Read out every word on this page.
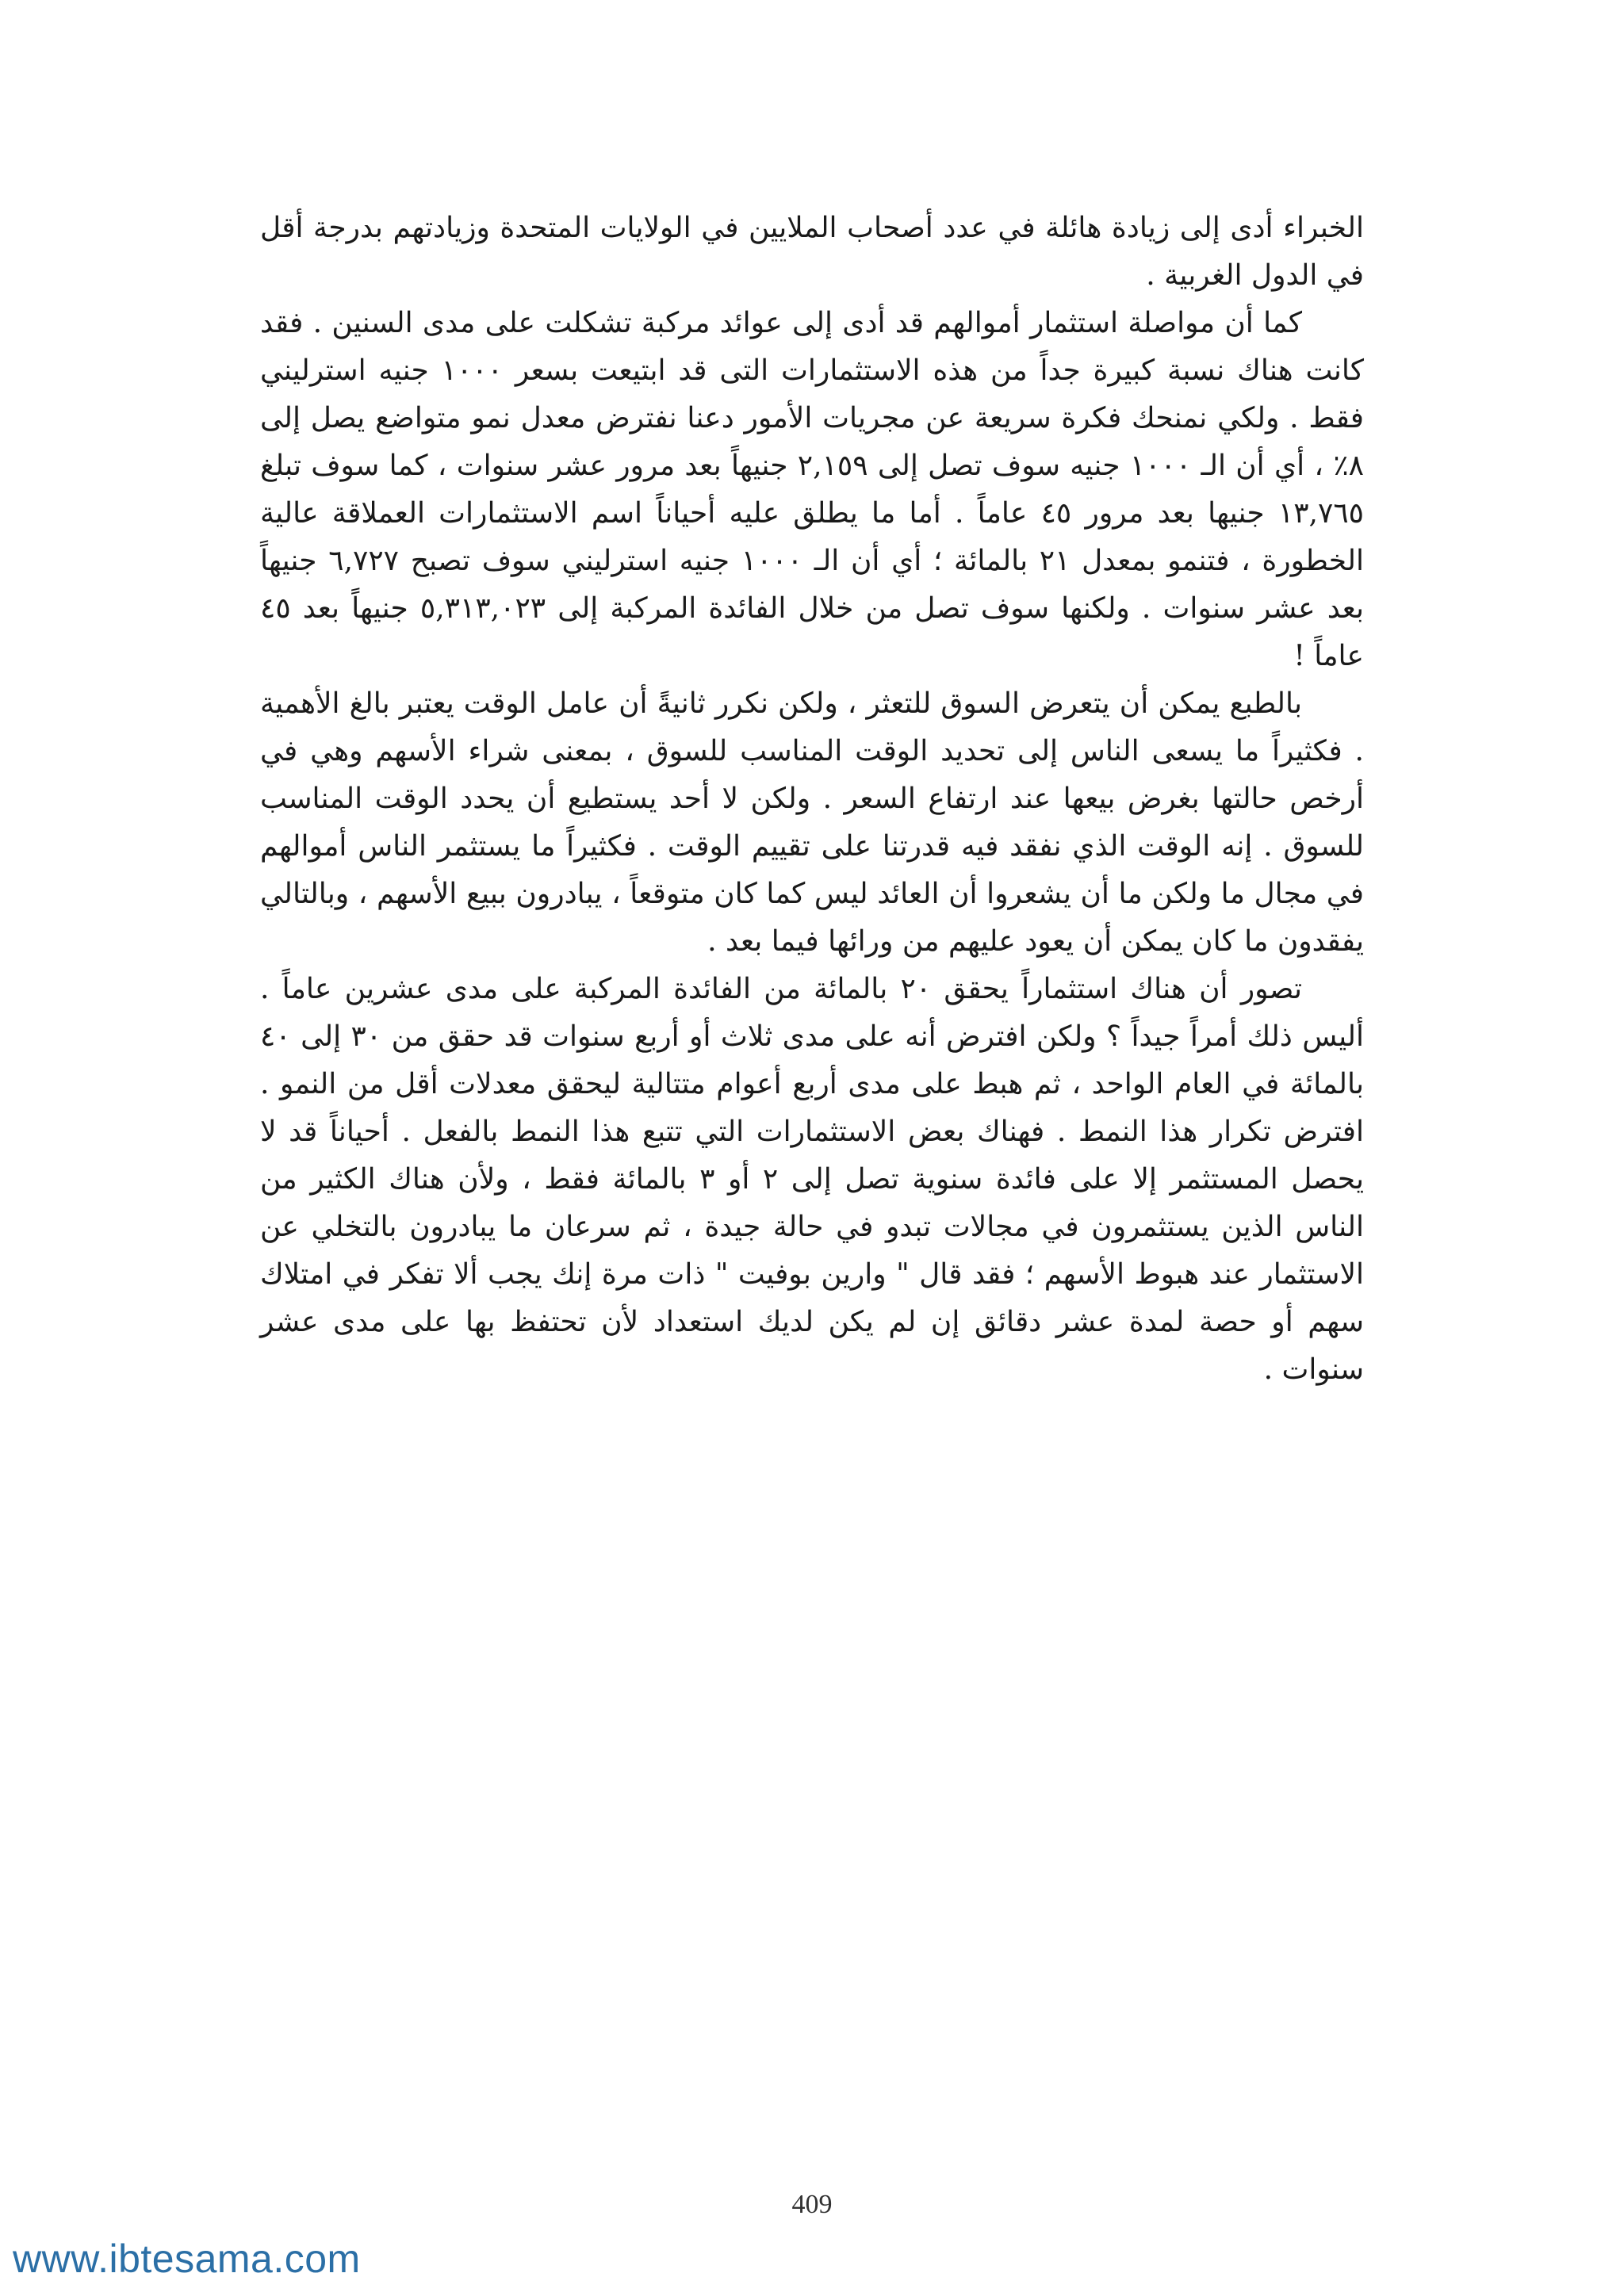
الخبراء أدى إلى زيادة هائلة في عدد أصحاب الملايين في الولايات المتحدة وزيادتهم بدرجة أقل في الدول الغربية .

كما أن مواصلة استثمار أموالهم قد أدى إلى عوائد مركبة تشكلت على مدى السنين . فقد كانت هناك نسبة كبيرة جداً من هذه الاستثمارات التى قد ابتيعت بسعر ١٠٠٠ جنيه استرليني فقط . ولكي نمنحك فكرة سريعة عن مجريات الأمور دعنا نفترض معدل نمو متواضع يصل إلى ٨٪ ، أي أن الـ ١٠٠٠ جنيه سوف تصل إلى ٢,١٥٩ جنيهاً بعد مرور عشر سنوات ، كما سوف تبلغ ١٣,٧٦٥ جنيها بعد مرور ٤٥ عاماً . أما ما يطلق عليه أحياناً اسم الاستثمارات العملاقة عالية الخطورة ، فتنمو بمعدل ٢١ بالمائة ؛ أي أن الـ ١٠٠٠ جنيه استرليني سوف تصبح ٦,٧٢٧ جنيهاً بعد عشر سنوات . ولكنها سوف تصل من خلال الفائدة المركبة إلى ٥,٣١٣,٠٢٣ جنيهاً بعد ٤٥ عاماً !

بالطبع يمكن أن يتعرض السوق للتعثر ، ولكن نكرر ثانيةً أن عامل الوقت يعتبر بالغ الأهمية . فكثيراً ما يسعى الناس إلى تحديد الوقت المناسب للسوق ، بمعنى شراء الأسهم وهي في أرخص حالتها بغرض بيعها عند ارتفاع السعر . ولكن لا أحد يستطيع أن يحدد الوقت المناسب للسوق . إنه الوقت الذي نفقد فيه قدرتنا على تقييم الوقت . فكثيراً ما يستثمر الناس أموالهم في مجال ما ولكن ما أن يشعروا أن العائد ليس كما كان متوقعاً ، يبادرون ببيع الأسهم ، وبالتالي يفقدون ما كان يمكن أن يعود عليهم من ورائها فيما بعد .

تصور أن هناك استثماراً يحقق ٢٠ بالمائة من الفائدة المركبة على مدى عشرين عاماً . أليس ذلك أمراً جيداً ؟ ولكن افترض أنه على مدى ثلاث أو أربع سنوات قد حقق من ٣٠ إلى ٤٠ بالمائة في العام الواحد ، ثم هبط على مدى أربع أعوام متتالية ليحقق معدلات أقل من النمو . افترض تكرار هذا النمط . فهناك بعض الاستثمارات التي تتبع هذا النمط بالفعل . أحياناً قد لا يحصل المستثمر إلا على فائدة سنوية تصل إلى ٢ أو ٣ بالمائة فقط ، ولأن هناك الكثير من الناس الذين يستثمرون في مجالات تبدو في حالة جيدة ، ثم سرعان ما يبادرون بالتخلي عن الاستثمار عند هبوط الأسهم ؛ فقد قال " وارين بوفيت " ذات مرة إنك يجب ألا تفكر في امتلاك سهم أو حصة لمدة عشر دقائق إن لم يكن لديك استعداد لأن تحتفظ بها على مدى عشر سنوات .

409
www.ibtesama.com
